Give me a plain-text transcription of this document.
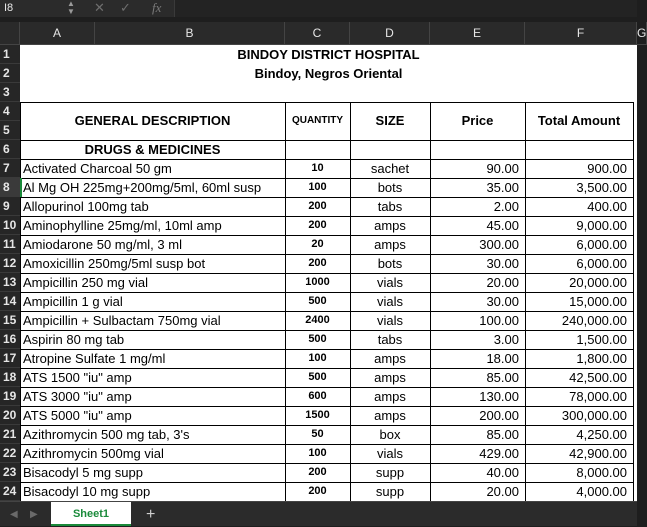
I8	▲
▼ ✕ ✓ fx
A	B	C	D	E	F	G
1
2
3
4
5
6
7
8
9
10
11
12
13
14
15
16
17
18
19
20
21
22
23
24
BINDOY DISTRICT HOSPITAL
Bindoy, Negros Oriental
GENERAL DESCRIPTION	QUANTITY	SIZE	Price	Total Amount
DRUGS & MEDICINES
Activated Charcoal 50 gm	10	sachet	90.00	900.00
Al Mg OH 225mg+200mg/5ml, 60ml susp	100	bots	35.00	3,500.00
Allopurinol 100mg tab	200	tabs	2.00	400.00
Aminophylline 25mg/ml, 10ml amp	200	amps	45.00	9,000.00
Amiodarone 50 mg/ml, 3 ml	20	amps	300.00	6,000.00
Amoxicillin 250mg/5ml susp bot	200	bots	30.00	6,000.00
Ampicillin 250 mg vial	1000	vials	20.00	20,000.00
Ampicillin 1 g vial	500	vials	30.00	15,000.00
Ampicillin + Sulbactam 750mg vial	2400	vials	100.00	240,000.00
Aspirin 80 mg tab	500	tabs	3.00	1,500.00
Atropine Sulfate 1 mg/ml	100	amps	18.00	1,800.00
ATS 1500 "iu" amp	500	amps	85.00	42,500.00
ATS 3000 "iu" amp	600	amps	130.00	78,000.00
ATS 5000 "iu" amp	1500	amps	200.00	300,000.00
Azithromycin 500 mg tab, 3's	50	box	85.00	4,250.00
Azithromycin 500mg vial	100	vials	429.00	42,900.00
Bisacodyl 5 mg supp	200	supp	40.00	8,000.00
Bisacodyl 10 mg supp	200	supp	20.00	4,000.00
◀ ▶	Sheet1	+
